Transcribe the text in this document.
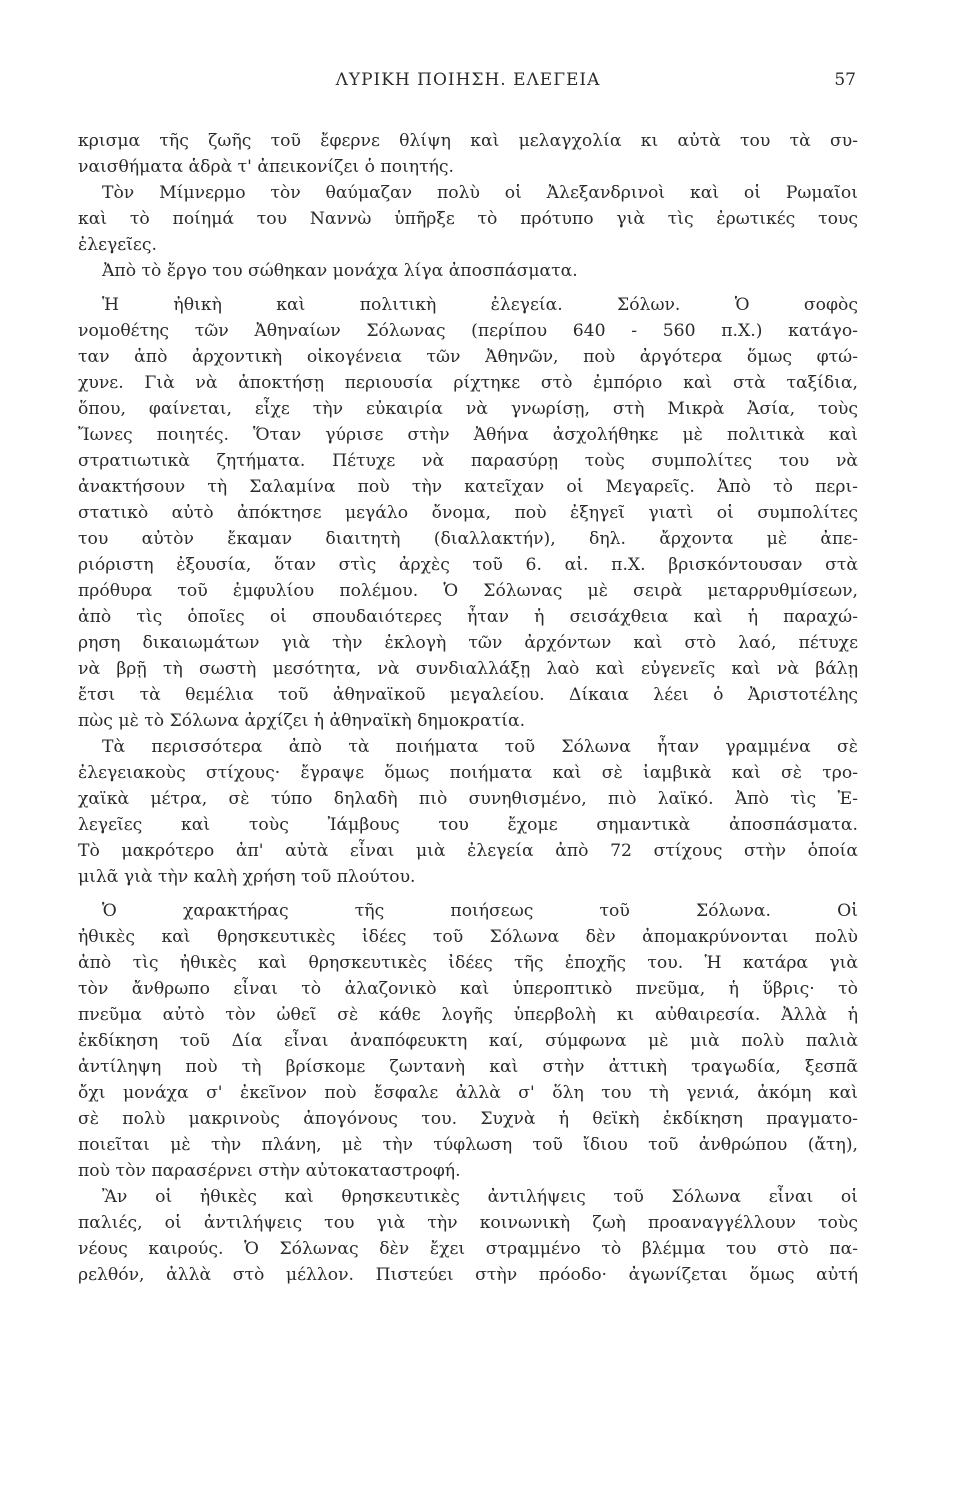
ΛΥΡΙΚΗ ΠΟΙΗΣΗ. ΕΛΕΓΕΙΑ	57
κρισμα τῆς ζωῆς τοῦ ἔφερνε θλίψη καὶ μελαγχολία κι αὐτὰ του τὰ συ-
ναισθήματα ἁδρὰ τ' ἀπεικονίζει ὁ ποιητής.
Τὸν Μίμνερμο τὸν θαύμαζαν πολὺ οἱ Ἀλεξανδρινοὶ καὶ οἱ Ρωμαῖοι
καὶ τὸ ποίημά του Ναννὼ ὑπῆρξε τὸ πρότυπο γιὰ τὶς ἐρωτικές τους
ἐλεγεῖες.
Ἀπὸ τὸ ἔργο του σώθηκαν μονάχα λίγα ἀποσπάσματα.
Ἡ ἠθικὴ καὶ πολιτικὴ ἐλεγεία. Σόλων. Ὁ σοφὸς
νομοθέτης τῶν Ἀθηναίων Σόλωνας (περίπου 640 - 560 π.Χ.) κατάγο-
ταν ἀπὸ ἀρχοντικὴ οἰκογένεια τῶν Ἀθηνῶν, ποὺ ἀργότερα ὅμως φτώ-
χυνε. Γιὰ νὰ ἀποκτήσῃ περιουσία ρίχτηκε στὸ ἐμπόριο καὶ στὰ ταξίδια,
ὅπου, φαίνεται, εἶχε τὴν εὐκαιρία νὰ γνωρίσῃ, στὴ Μικρὰ Ἀσία, τοὺς
Ἴωνες ποιητές. Ὅταν γύρισε στὴν Ἀθήνα ἀσχολήθηκε μὲ πολιτικὰ καὶ
στρατιωτικὰ ζητήματα. Πέτυχε νὰ παρασύρῃ τοὺς συμπολίτες του νὰ
ἀνακτήσουν τὴ Σαλαμίνα ποὺ τὴν κατεῖχαν οἱ Μεγαρεῖς. Ἀπὸ τὸ περι-
στατικὸ αὐτὸ ἀπόκτησε μεγάλο ὄνομα, ποὺ ἐξηγεῖ γιατὶ οἱ συμπολίτες
του αὐτὸν ἔκαμαν διαιτητὴ (διαλλακτήν), δηλ. ἄρχοντα μὲ ἀπε-
ριόριστη ἐξουσία, ὅταν στὶς ἀρχὲς τοῦ 6. αἰ. π.Χ. βρισκόντουσαν στὰ
πρόθυρα τοῦ ἐμφυλίου πολέμου. Ὁ Σόλωνας μὲ σειρὰ μεταρρυθμίσεων,
ἀπὸ τὶς ὁποῖες οἱ σπουδαιότερες ἦταν ἡ σεισάχθεια καὶ ἡ παραχώ-
ρηση δικαιωμάτων γιὰ τὴν ἐκλογὴ τῶν ἀρχόντων καὶ στὸ λαό, πέτυχε
νὰ βρῇ τὴ σωστὴ μεσότητα, νὰ συνδιαλλάξῃ λαὸ καὶ εὐγενεῖς καὶ νὰ βάλῃ
ἔτσι τὰ θεμέλια τοῦ ἀθηναϊκοῦ μεγαλείου. Δίκαια λέει ὁ Ἀριστοτέλης
πὼς μὲ τὸ Σόλωνα ἀρχίζει ἡ ἀθηναϊκὴ δημοκρατία.
Τὰ περισσότερα ἀπὸ τὰ ποιήματα τοῦ Σόλωνα ἦταν γραμμένα σὲ
ἐλεγειακοὺς στίχους· ἔγραψε ὅμως ποιήματα καὶ σὲ ἰαμβικὰ καὶ σὲ τρο-
χαϊκὰ μέτρα, σὲ τύπο δηλαδὴ πιὸ συνηθισμένο, πιὸ λαϊκό. Ἀπὸ τὶς Ἐ-
λεγεῖες καὶ τοὺς Ἰάμβους του ἔχομε σημαντικὰ ἀποσπάσματα.
Τὸ μακρότερο ἀπ' αὐτὰ εἶναι μιὰ ἐλεγεία ἀπὸ 72 στίχους στὴν ὁποία
μιλᾶ γιὰ τὴν καλὴ χρήση τοῦ πλούτου.
Ὁ χαρακτήρας τῆς ποιήσεως τοῦ Σόλωνα. Οἱ
ἠθικὲς καὶ θρησκευτικὲς ἰδέες τοῦ Σόλωνα δὲν ἀπομακρύνονται πολὺ
ἀπὸ τὶς ἠθικὲς καὶ θρησκευτικὲς ἰδέες τῆς ἐποχῆς του. Ἡ κατάρα γιὰ
τὸν ἄνθρωπο εἶναι τὸ ἀλαζονικὸ καὶ ὑπεροπτικὸ πνεῦμα, ἡ ὕβρις· τὸ
πνεῦμα αὐτὸ τὸν ὠθεῖ σὲ κάθε λογῆς ὑπερβολὴ κι αὐθαιρεσία. Ἀλλὰ ἡ
ἐκδίκηση τοῦ Δία εἶναι ἀναπόφευκτη καί, σύμφωνα μὲ μιὰ πολὺ παλιὰ
ἀντίληψη ποὺ τὴ βρίσκομε ζωντανὴ καὶ στὴν ἀττικὴ τραγωδία, ξεσπᾶ
ὄχι μονάχα σ' ἐκεῖνον ποὺ ἔσφαλε ἀλλὰ σ' ὅλη του τὴ γενιά, ἀκόμη καὶ
σὲ πολὺ μακρινοὺς ἀπογόνους του. Συχνὰ ἡ θεϊκὴ ἐκδίκηση πραγματο-
ποιεῖται μὲ τὴν πλάνη, μὲ τὴν τύφλωση τοῦ ἴδιου τοῦ ἀνθρώπου (ἄτη),
ποὺ τὸν παρασέρνει στὴν αὐτοκαταστροφή.
Ἂν οἱ ἠθικὲς καὶ θρησκευτικὲς ἀντιλήψεις τοῦ Σόλωνα εἶναι οἱ
παλιές, οἱ ἀντιλήψεις του γιὰ τὴν κοινωνικὴ ζωὴ προαναγγέλλουν τοὺς
νέους καιρούς. Ὁ Σόλωνας δὲν ἔχει στραμμένο τὸ βλέμμα του στὸ πα-
ρελθόν, ἀλλὰ στὸ μέλλον. Πιστεύει στὴν πρόοδο· ἀγωνίζεται ὅμως αὐτή
